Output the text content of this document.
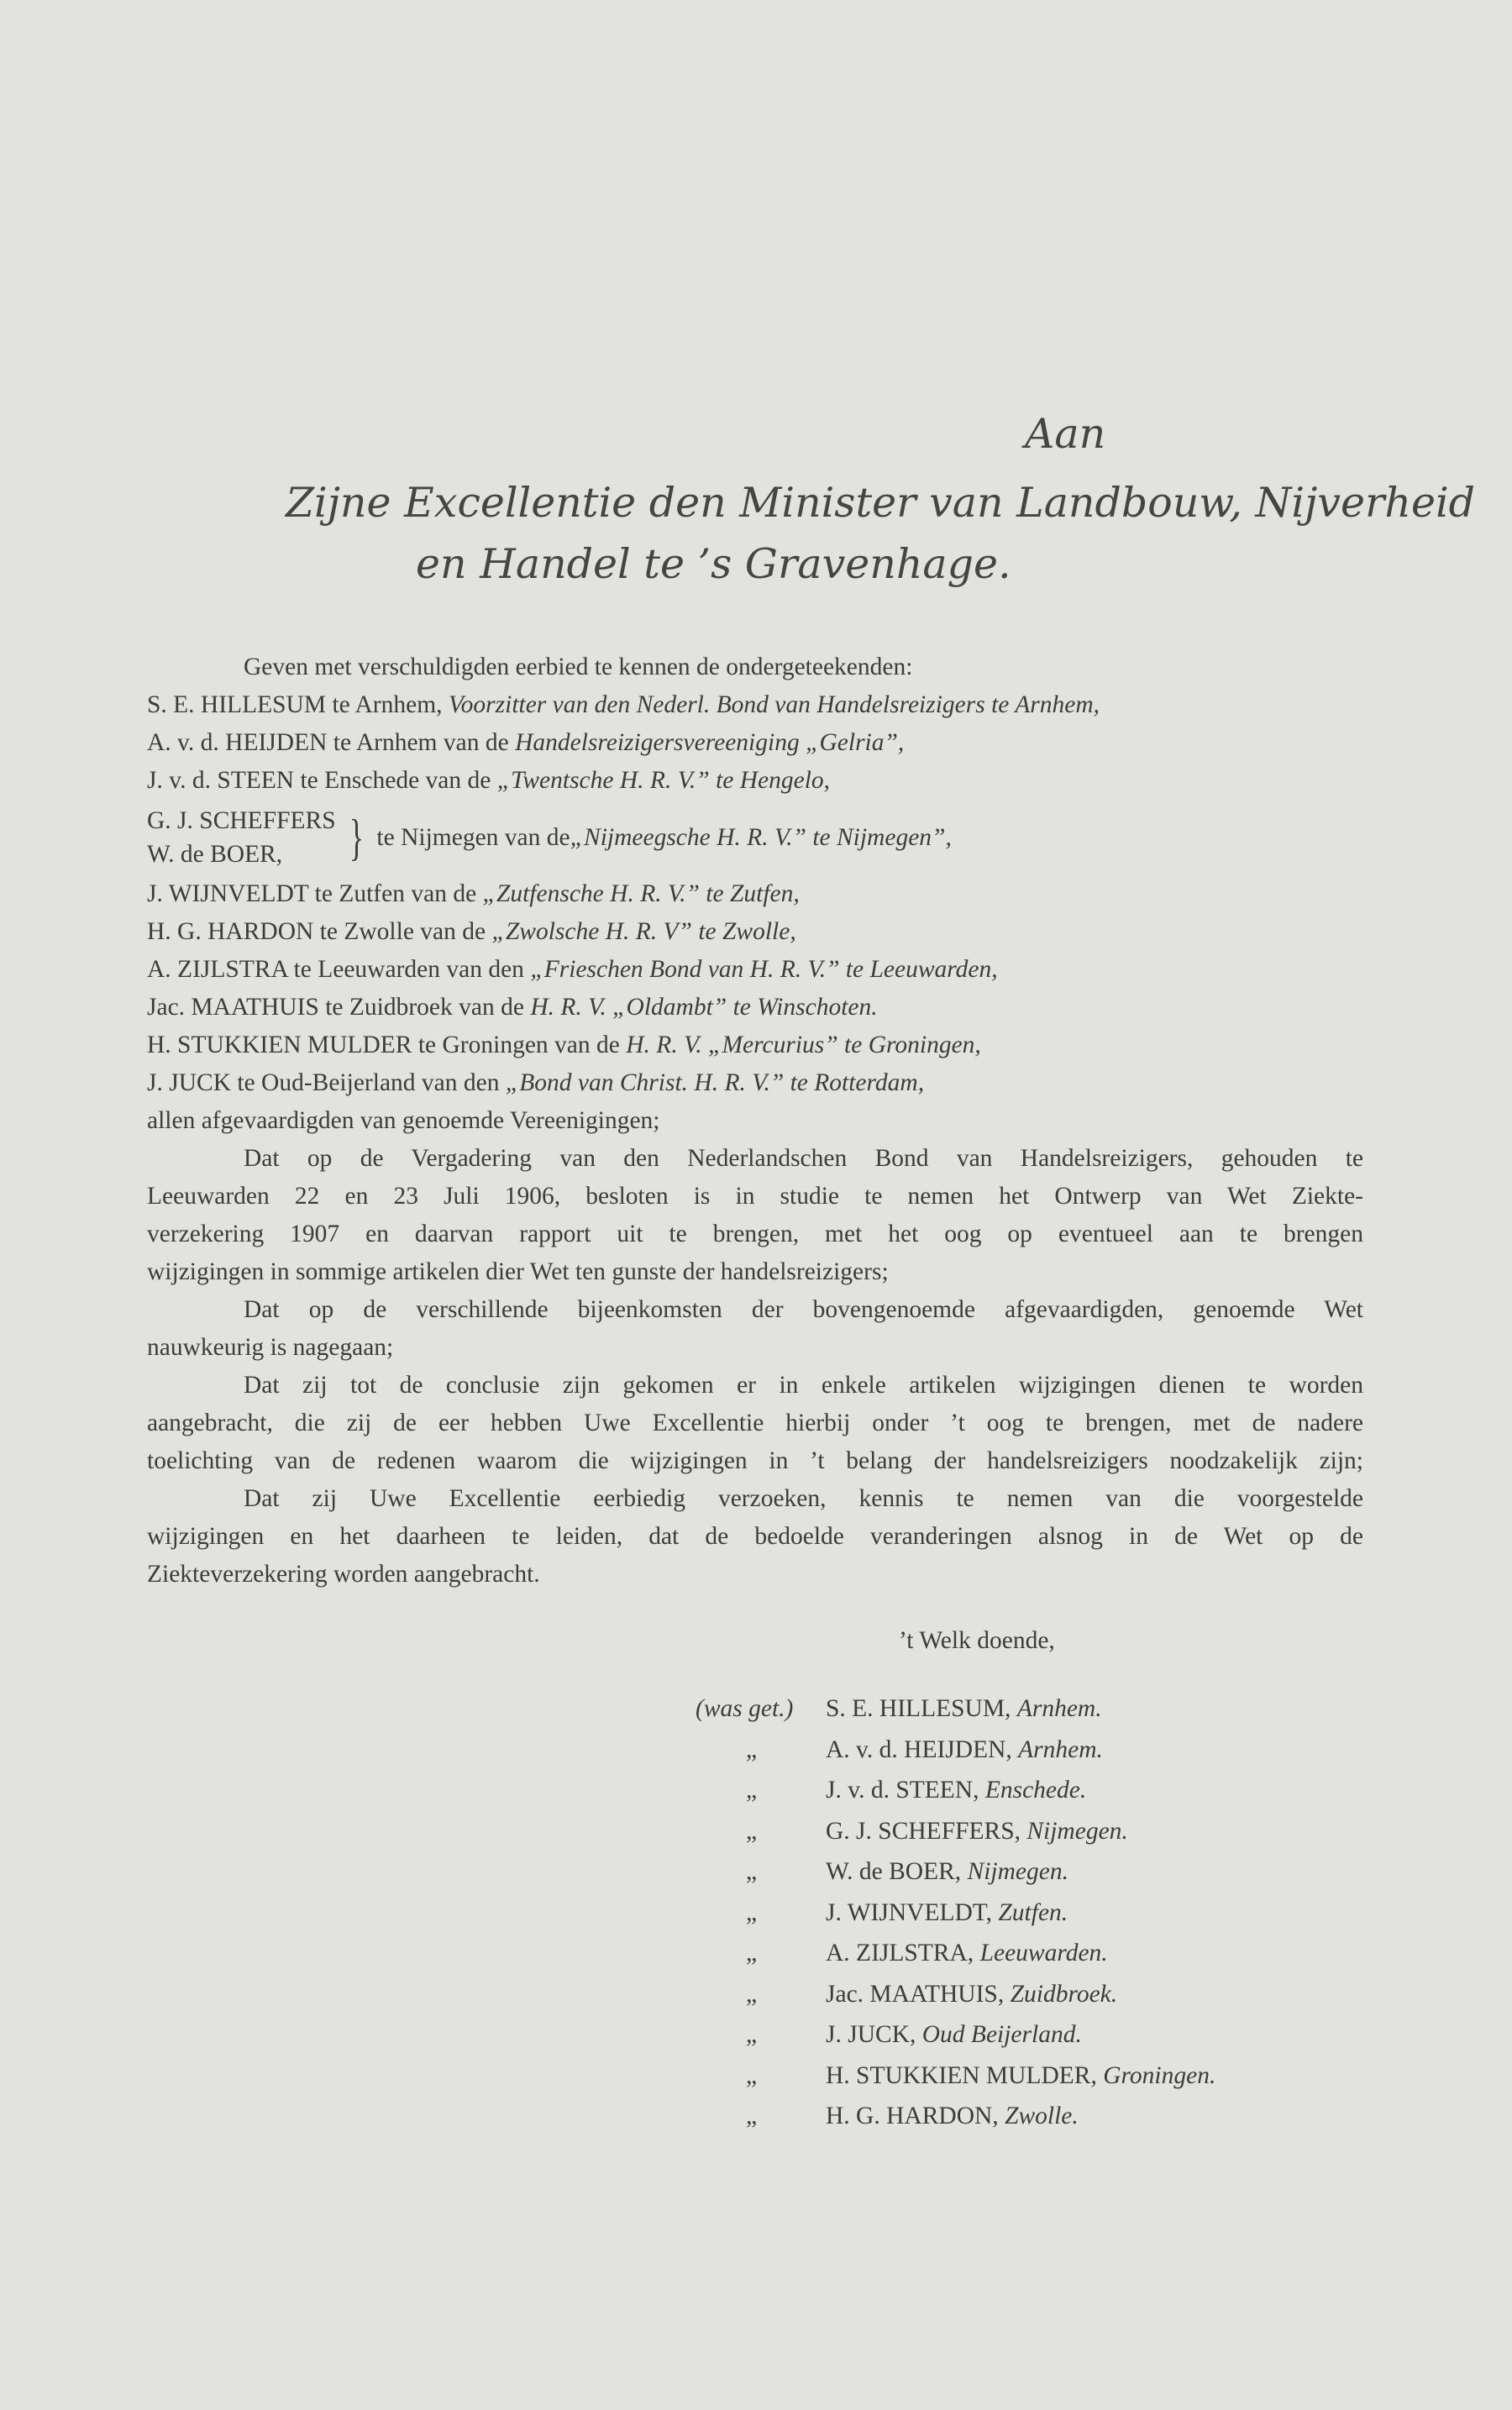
Aan
Zijne Excellentie den Minister van Landbouw, Nijverheid
en Handel te ’s Gravenhage.
Geven met verschuldigden eerbied te kennen de ondergeteekenden:
S. E. HILLESUM te Arnhem, Voorzitter van den Nederl. Bond van Handelsreizigers te Arnhem,
A. v. d. HEIJDEN te Arnhem van de Handelsreizigersvereeniging „Gelria”,
J. v. d. STEEN te Enschede van de „Twentsche H. R. V.” te Hengelo,
G. J. SCHEFFERS
W. de BOER,	} te Nijmegen van de „Nijmeegsche H. R. V.” te Nijmegen”,
J. WIJNVELDT te Zutfen van de „Zutfensche H. R. V.” te Zutfen,
H. G. HARDON te Zwolle van de „Zwolsche H. R. V” te Zwolle,
A. ZIJLSTRA te Leeuwarden van den „Frieschen Bond van H. R. V.” te Leeuwarden,
Jac. MAATHUIS te Zuidbroek van de H. R. V. „Oldambt” te Winschoten.
H. STUKKIEN MULDER te Groningen van de H. R. V. „Mercurius” te Groningen,
J. JUCK te Oud-Beijerland van den „Bond van Christ. H. R. V.” te Rotterdam,
allen afgevaardigden van genoemde Vereenigingen;
Dat op de Vergadering van den Nederlandschen Bond van Handelsreizigers, gehouden te
Leeuwarden 22 en 23 Juli 1906, besloten is in studie te nemen het Ontwerp van Wet Ziekte-
verzekering 1907 en daarvan rapport uit te brengen, met het oog op eventueel aan te brengen
wijzigingen in sommige artikelen dier Wet ten gunste der handelsreizigers;
Dat op de verschillende bijeenkomsten der bovengenoemde afgevaardigden, genoemde Wet
nauwkeurig is nagegaan;
Dat zij tot de conclusie zijn gekomen er in enkele artikelen wijzigingen dienen te worden
aangebracht, die zij de eer hebben Uwe Excellentie hierbij onder ’t oog te brengen, met de nadere
toelichting van de redenen waarom die wijzigingen in ’t belang der handelsreizigers noodzakelijk zijn;
Dat zij Uwe Excellentie eerbiedig verzoeken, kennis te nemen van die voorgestelde
wijzigingen en het daarheen te leiden, dat de bedoelde veranderingen alsnog in de Wet op de
Ziekteverzekering worden aangebracht.
’t Welk doende,
(was get.)	S. E. HILLESUM,
Arnhem.
„	A. v. d. HEIJDEN,
Arnhem.
„	J. v. d. STEEN,
Enschede.
„	G. J. SCHEFFERS,
Nijmegen.
„	W. de BOER,
Nijmegen.
„	J. WIJNVELDT,
Zutfen.
„	A. ZIJLSTRA,
Leeuwarden.
„	Jac. MAATHUIS,
Zuidbroek.
„	J. JUCK,
Oud Beijerland.
„	H. STUKKIEN MULDER,
Groningen.
„	H. G. HARDON,
Zwolle.
